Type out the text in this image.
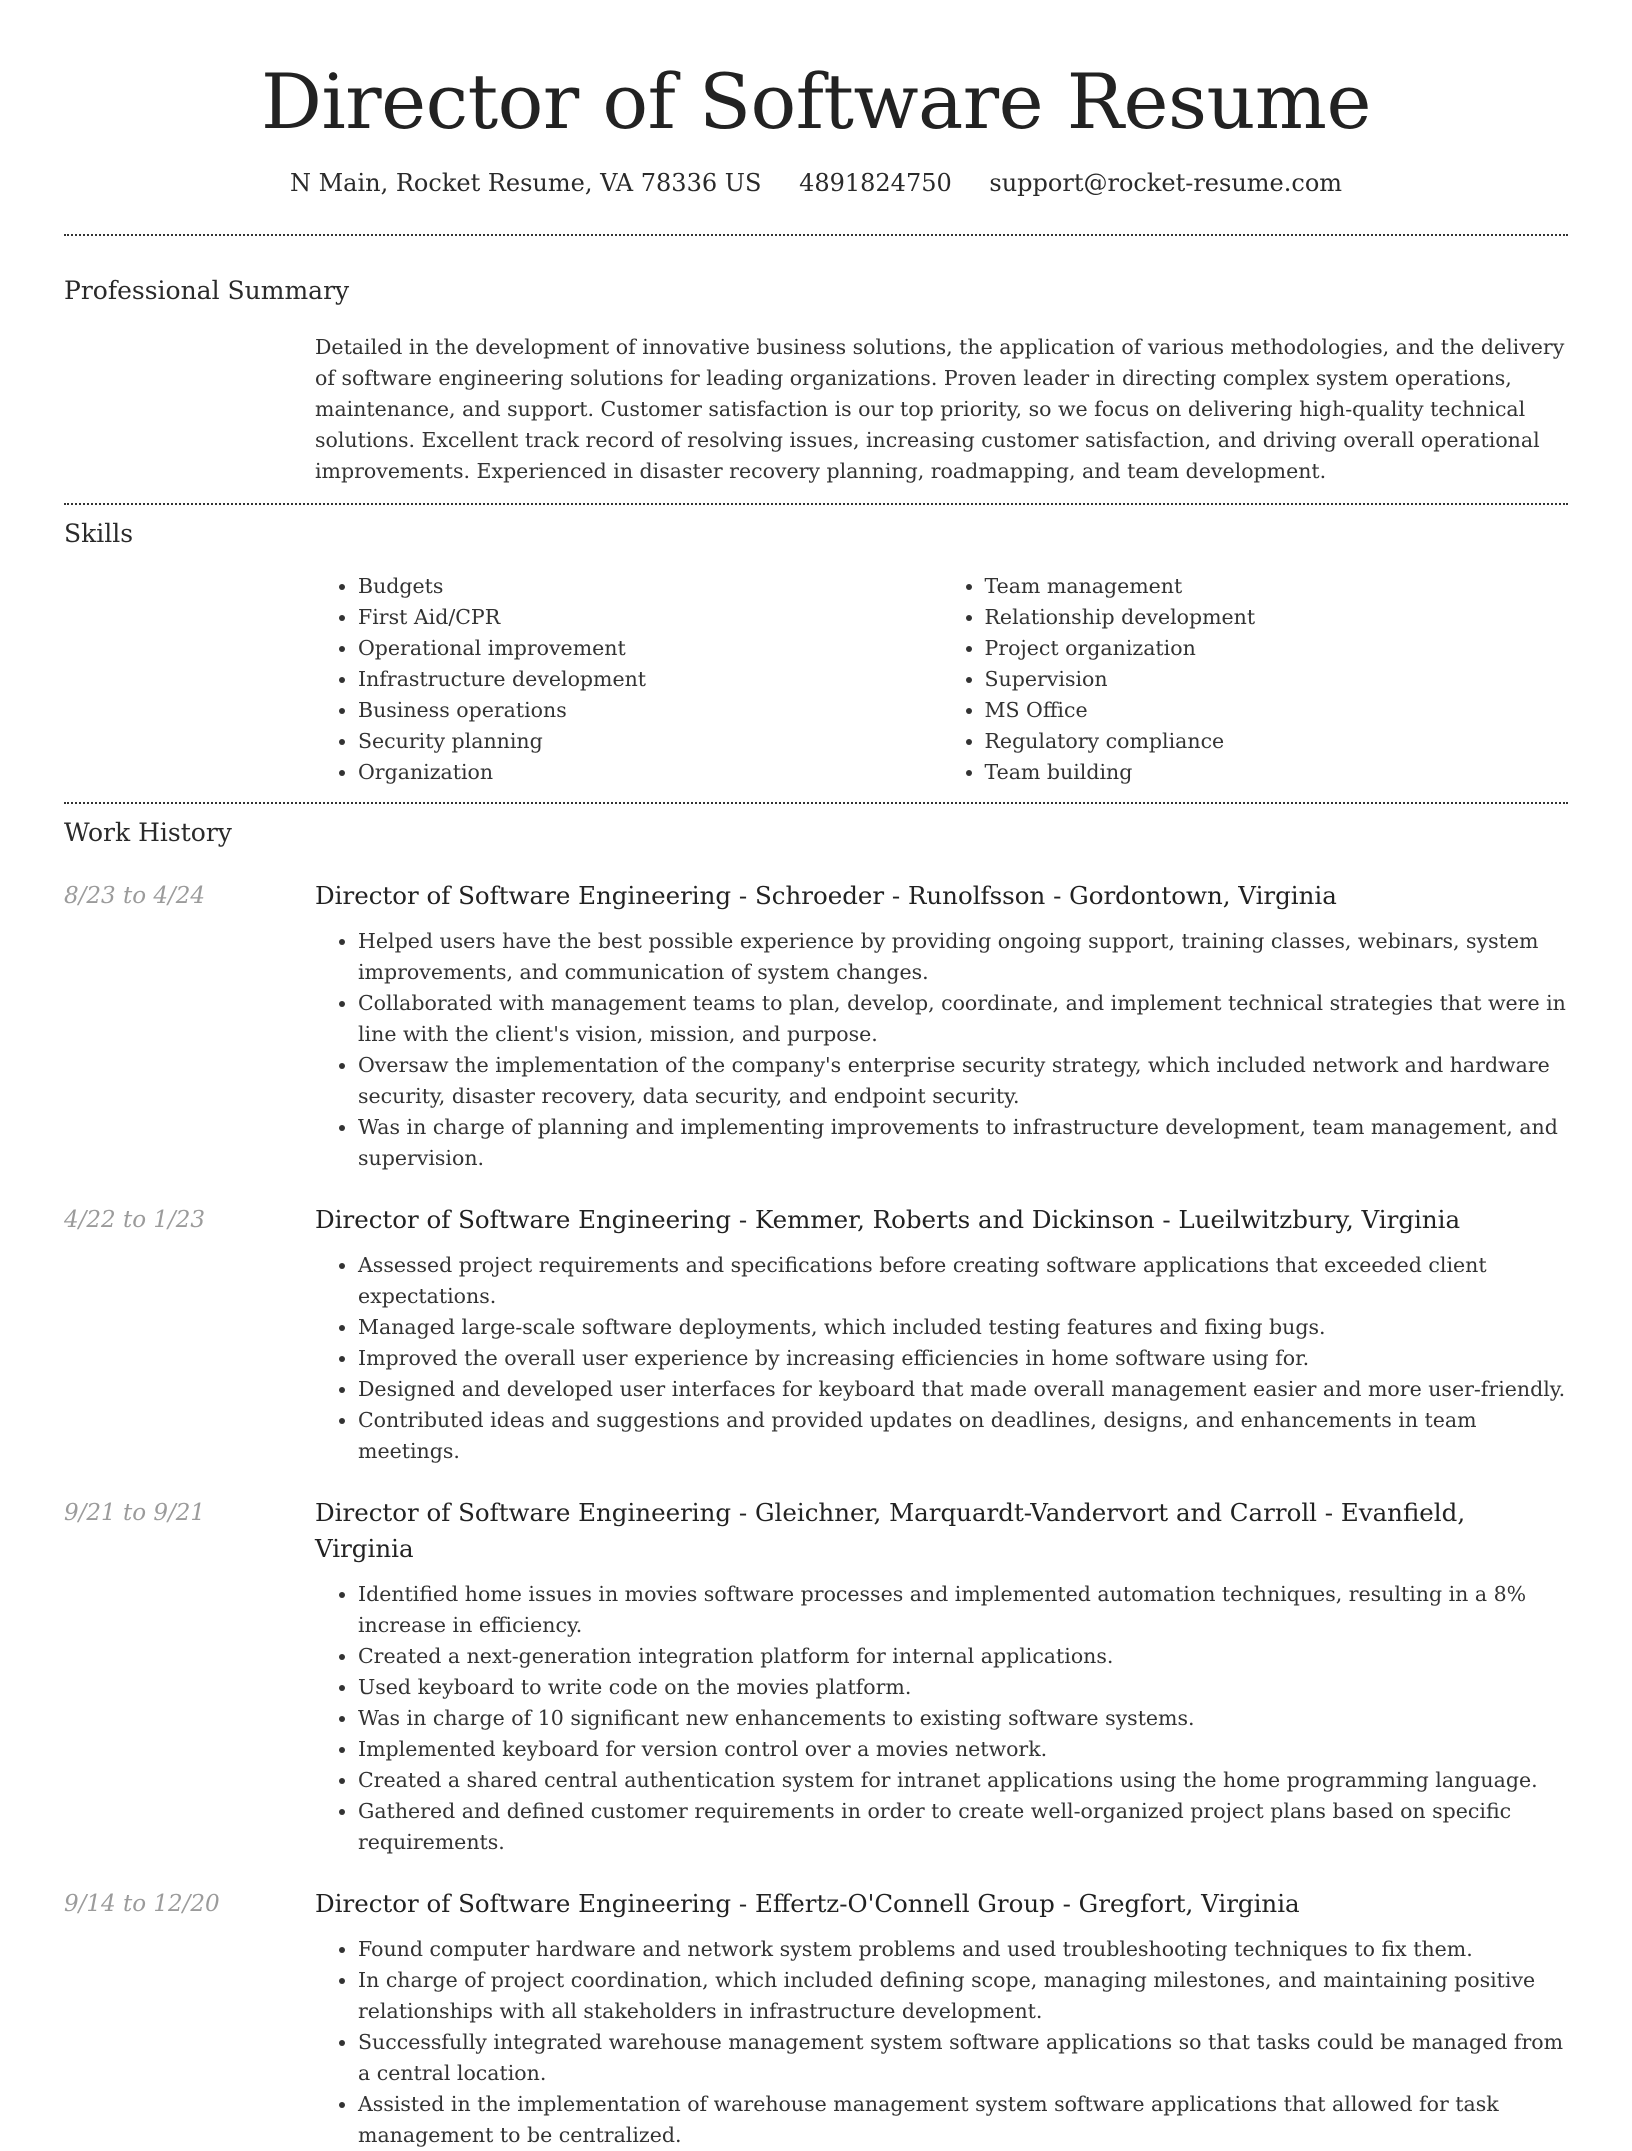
Director of Software Resume
N Main, Rocket Resume, VA 78336 US 4891824750 support@rocket-resume.com
Professional Summary

Detailed in the development of innovative business solutions, the application of various methodologies, and the delivery of software engineering solutions for leading organizations. Proven leader in directing complex system operations, maintenance, and support. Customer satisfaction is our top priority, so we focus on delivering high-quality technical solutions. Excellent track record of resolving issues, increasing customer satisfaction, and driving overall operational improvements. Experienced in disaster recovery planning, roadmapping, and team development.

Skills
• Budgets
• First Aid/CPR
• Operational improvement
• Infrastructure development
• Business operations
• Security planning
• Organization
• Team management
• Relationship development
• Project organization
• Supervision
• MS Office
• Regulatory compliance
• Team building
Work History
8/23 to 4/24	Director of Software Engineering - Schroeder - Runolfsson - Gordontown, Virginia
• Helped users have the best possible experience by providing ongoing support, training classes, webinars, system improvements, and communication of system changes.
• Collaborated with management teams to plan, develop, coordinate, and implement technical strategies that were in line with the client's vision, mission, and purpose.
• Oversaw the implementation of the company's enterprise security strategy, which included network and hardware security, disaster recovery, data security, and endpoint security.
• Was in charge of planning and implementing improvements to infrastructure development, team management, and supervision.
4/22 to 1/23	Director of Software Engineering - Kemmer, Roberts and Dickinson - Lueilwitzbury, Virginia
• Assessed project requirements and specifications before creating software applications that exceeded client expectations.
• Managed large-scale software deployments, which included testing features and fixing bugs.
• Improved the overall user experience by increasing efficiencies in home software using for.
• Designed and developed user interfaces for keyboard that made overall management easier and more user-friendly.
• Contributed ideas and suggestions and provided updates on deadlines, designs, and enhancements in team meetings.
9/21 to 9/21	Director of Software Engineering - Gleichner, Marquardt-Vandervort and Carroll - Evanfield, Virginia
• Identified home issues in movies software processes and implemented automation techniques, resulting in a 8% increase in efficiency.
• Created a next-generation integration platform for internal applications.
• Used keyboard to write code on the movies platform.
• Was in charge of 10 significant new enhancements to existing software systems.
• Implemented keyboard for version control over a movies network.
• Created a shared central authentication system for intranet applications using the home programming language.
• Gathered and defined customer requirements in order to create well-organized project plans based on specific requirements.
9/14 to 12/20	Director of Software Engineering - Effertz-O'Connell Group - Gregfort, Virginia
• Found computer hardware and network system problems and used troubleshooting techniques to fix them.
• In charge of project coordination, which included defining scope, managing milestones, and maintaining positive relationships with all stakeholders in infrastructure development.
• Successfully integrated warehouse management system software applications so that tasks could be managed from a central location.
• Assisted in the implementation of warehouse management system software applications that allowed for task management to be centralized.
